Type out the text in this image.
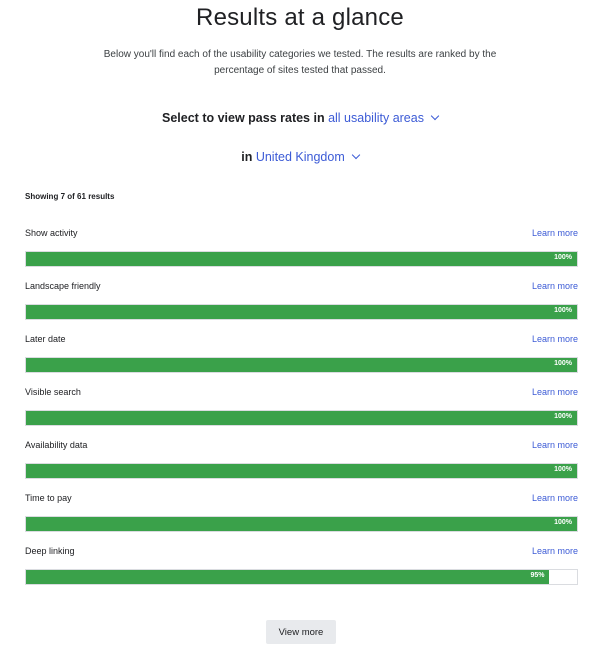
Results at a glance
Below you'll find each of the usability categories we tested. The results are ranked by the percentage of sites tested that passed.
Select to view pass rates in all usability areas
in United Kingdom
Showing 7 of 61 results
Show activity	Learn more
100%
Landscape friendly	Learn more
100%
Later date	Learn more
100%
Visible search	Learn more
100%
Availability data	Learn more
100%
Time to pay	Learn more
100%
Deep linking	Learn more
95%
View more
